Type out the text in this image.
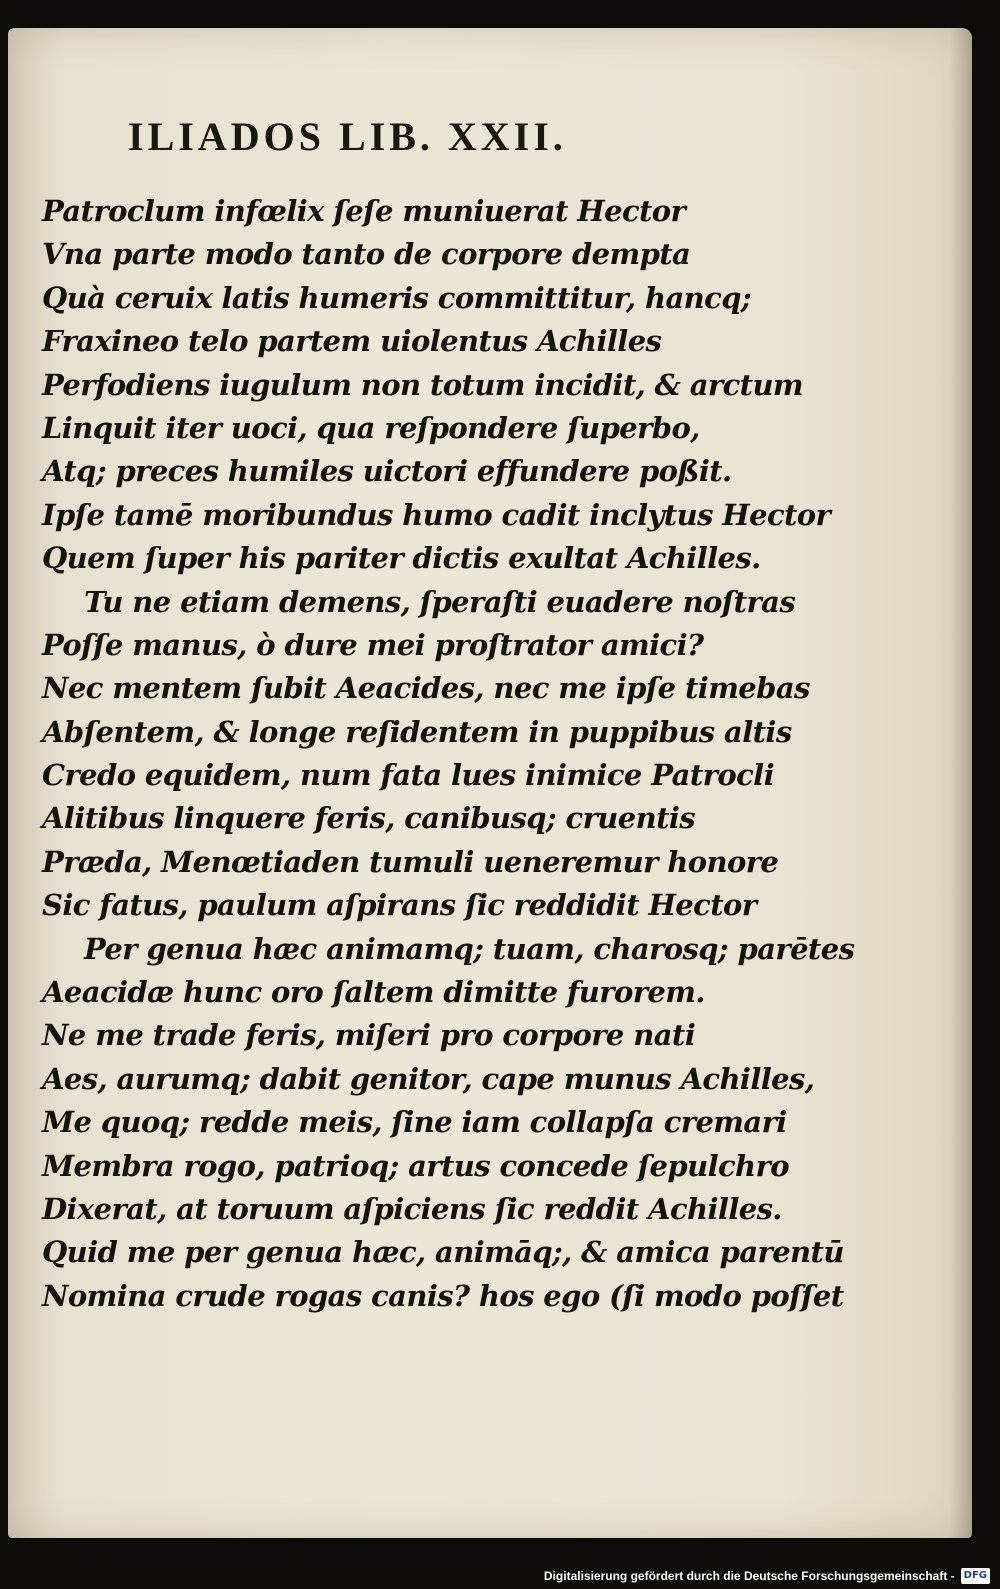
ILIADOS LIB. XXII.
Patroclum infœlix ſeſe muniuerat Hector
Vna parte modo tanto de corpore dempta
Quà ceruix latis humeris committitur, hancq;
Fraxineo telo partem uiolentus Achilles
Perfodiens iugulum non totum incidit, & arctum
Linquit iter uoci, qua reſpondere ſuperbo,
Atq; preces humiles uictori effundere poßit.
Ipſe tamē moribundus humo cadit inclytus Hector
Quem ſuper his pariter dictis exultat Achilles.
Tu ne etiam demens, ſperaſti euadere noſtras
Poſſe manus, ò dure mei proſtrator amici?
Nec mentem ſubit Aeacides, nec me ipſe timebas
Abſentem, & longe reſidentem in puppibus altis
Credo equidem, num fata lues inimice Patrocli
Alitibus linquere feris, canibusq; cruentis
Præda, Menœtiaden tumuli ueneremur honore
Sic fatus, paulum aſpirans ſic reddidit Hector
Per genua hæc animamq; tuam, charosq; parētes
Aeacidæ hunc oro ſaltem dimitte furorem.
Ne me trade feris, miſeri pro corpore nati
Aes, aurumq; dabit genitor, cape munus Achilles,
Me quoq; redde meis, ſine iam collapſa cremari
Membra rogo, patrioq; artus concede ſepulchro
Dixerat, at toruum aſpiciens ſic reddit Achilles.
Quid me per genua hæc, animāq;, & amica parentū
Nomina crude rogas canis? hos ego (ſi modo poſſet
Digitalisierung gefördert durch die Deutsche Forschungsgemeinschaft - DFG
